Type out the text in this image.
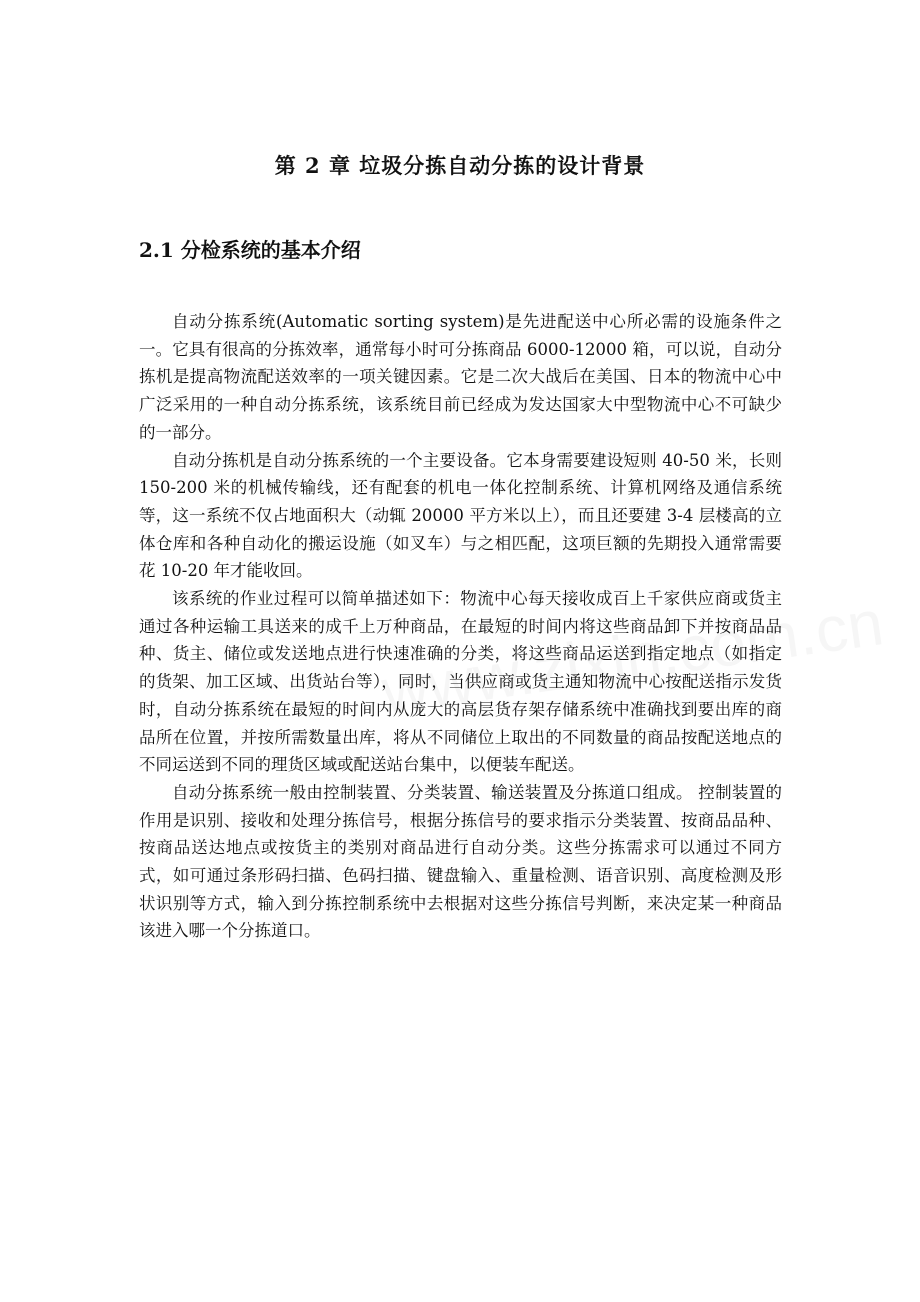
第 2 章 垃圾分拣自动分拣的设计背景
2.1 分检系统的基本介绍

自动分拣系统(Automatic sorting system)是先进配送中心所必需的设施条件之一。它具有很高的分拣效率，通常每小时可分拣商品 6000-12000 箱，可以说，自动分拣机是提高物流配送效率的一项关键因素。它是二次大战后在美国、日本的物流中心中广泛采用的一种自动分拣系统，该系统目前已经成为发达国家大中型物流中心不可缺少的一部分。

自动分拣机是自动分拣系统的一个主要设备。它本身需要建设短则 40-50 米，长则 150-200 米的机械传输线，还有配套的机电一体化控制系统、计算机网络及通信系统等，这一系统不仅占地面积大（动辄 20000 平方米以上），而且还要建 3-4 层楼高的立体仓库和各种自动化的搬运设施（如叉车）与之相匹配，这项巨额的先期投入通常需要花 10-20 年才能收回。

该系统的作业过程可以简单描述如下：物流中心每天接收成百上千家供应商或货主通过各种运输工具送来的成千上万种商品，在最短的时间内将这些商品卸下并按商品品种、货主、储位或发送地点进行快速准确的分类，将这些商品运送到指定地点（如指定的货架、加工区域、出货站台等），同时，当供应商或货主通知物流中心按配送指示发货时，自动分拣系统在最短的时间内从庞大的高层货存架存储系统中准确找到要出库的商品所在位置，并按所需数量出库，将从不同储位上取出的不同数量的商品按配送地点的不同运送到不同的理货区域或配送站台集中，以便装车配送。

自动分拣系统一般由控制装置、分类装置、输送装置及分拣道口组成。 控制装置的作用是识别、接收和处理分拣信号，根据分拣信号的要求指示分类装置、按商品品种、按商品送达地点或按货主的类别对商品进行自动分类。这些分拣需求可以通过不同方式，如可通过条形码扫描、色码扫描、键盘输入、重量检测、语音识别、高度检测及形状识别等方式，输入到分拣控制系统中去根据对这些分拣信号判断，来决定某一种商品该进入哪一个分拣道口。
